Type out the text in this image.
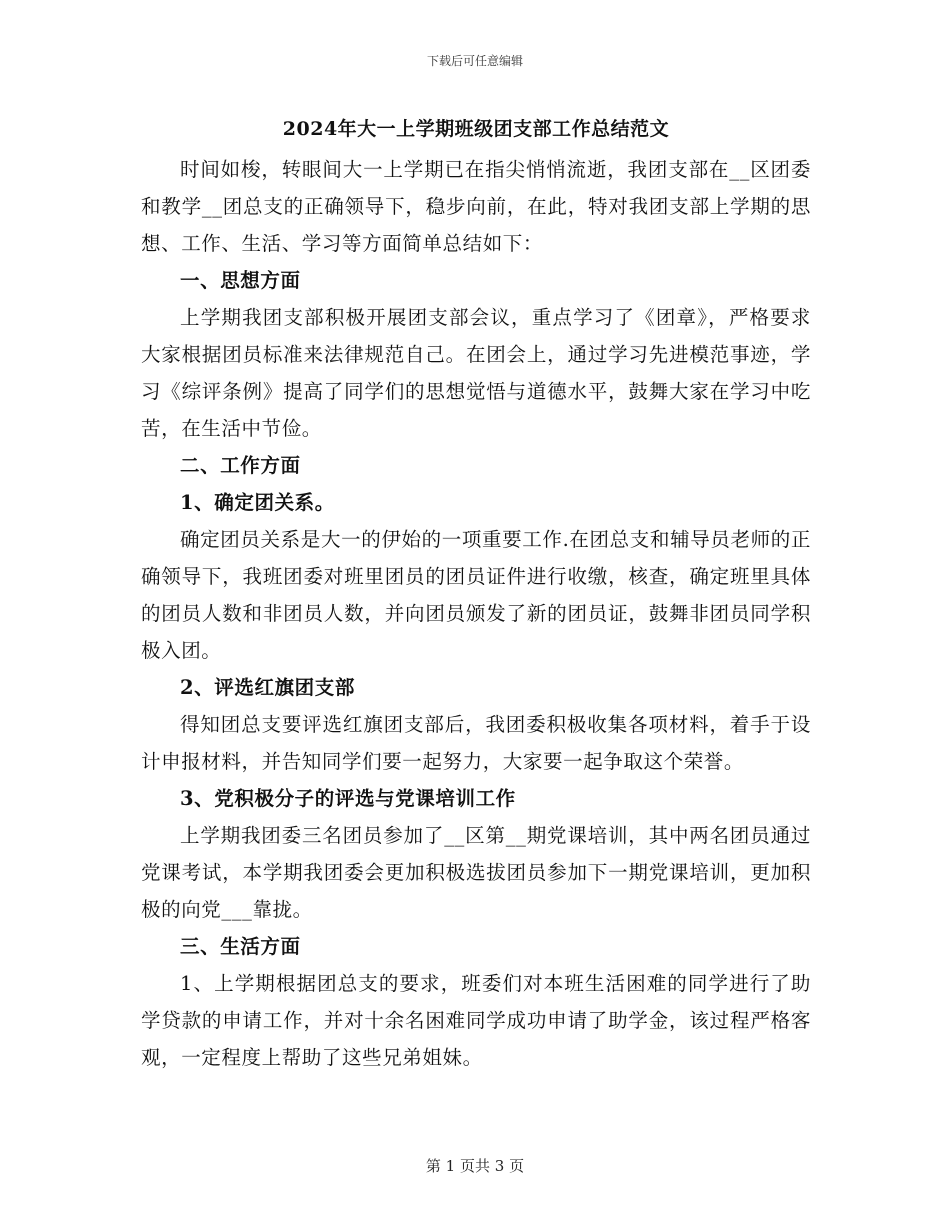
下载后可任意编辑
2024年大一上学期班级团支部工作总结范文

时间如梭，转眼间大一上学期已在指尖悄悄流逝，我团支部在__区团委和教学__团总支的正确领导下，稳步向前，在此，特对我团支部上学期的思想、工作、生活、学习等方面简单总结如下：

一、思想方面

上学期我团支部积极开展团支部会议，重点学习了《团章》，严格要求大家根据团员标准来法律规范自己。在团会上，通过学习先进模范事迹，学习《综评条例》提高了同学们的思想觉悟与道德水平，鼓舞大家在学习中吃苦，在生活中节俭。

二、工作方面

1、确定团关系。

确定团员关系是大一的伊始的一项重要工作.在团总支和辅导员老师的正确领导下，我班团委对班里团员的团员证件进行收缴，核查，确定班里具体的团员人数和非团员人数，并向团员颁发了新的团员证，鼓舞非团员同学积极入团。

2、评选红旗团支部

得知团总支要评选红旗团支部后，我团委积极收集各项材料，着手于设计申报材料，并告知同学们要一起努力，大家要一起争取这个荣誉。

3、党积极分子的评选与党课培训工作

上学期我团委三名团员参加了__区第__期党课培训，其中两名团员通过党课考试，本学期我团委会更加积极选拔团员参加下一期党课培训，更加积极的向党___靠拢。

三、生活方面

1、上学期根据团总支的要求，班委们对本班生活困难的同学进行了助学贷款的申请工作，并对十余名困难同学成功申请了助学金，该过程严格客观，一定程度上帮助了这些兄弟姐妹。

第 1 页共 3 页
